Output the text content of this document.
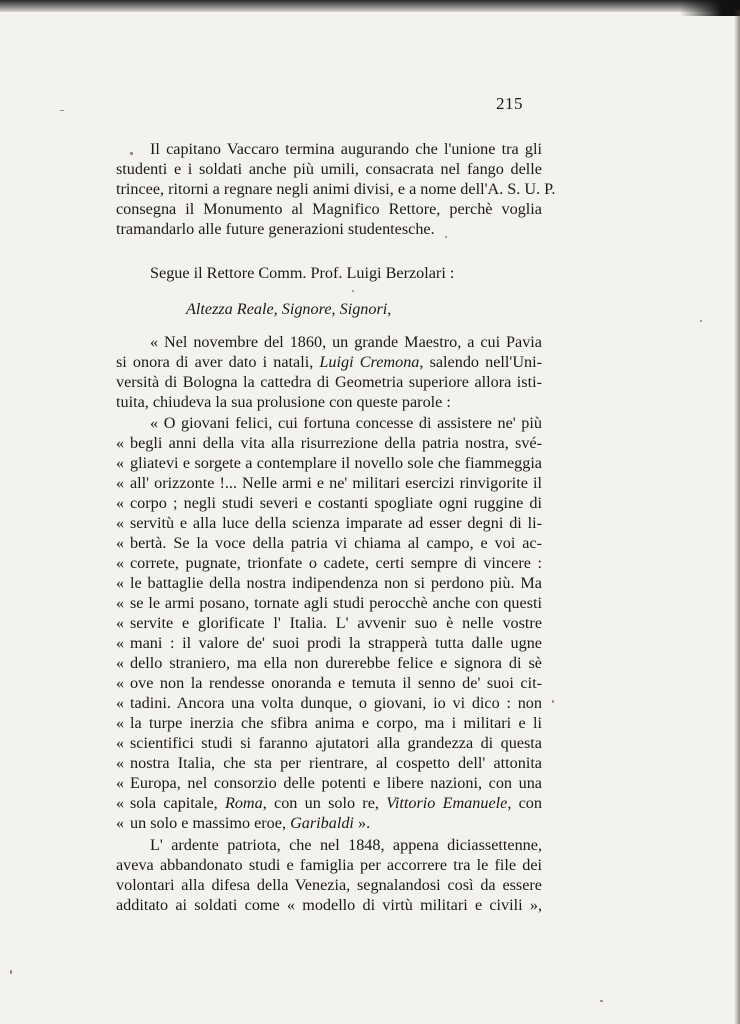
215
Il capitano Vaccaro termina augurando che l'unione tra gli
studenti e i soldati anche più umili, consacrata nel fango delle
trincee, ritorni a regnare negli animi divisi, e a nome dell'A. S. U. P.
consegna il Monumento al Magnifico Rettore, perchè voglia
tramandarlo alle future generazioni studentesche.
Segue il Rettore Comm. Prof. Luigi Berzolari :
Altezza Reale, Signore, Signori,
« Nel novembre del 1860, un grande Maestro, a cui Pavia
si onora di aver dato i natali, Luigi Cremona, salendo nell'Uni-
versità di Bologna la cattedra di Geometria superiore allora isti-
tuita, chiudeva la sua prolusione con queste parole :
« O giovani felici, cui fortuna concesse di assistere ne' più
« begli anni della vita alla risurrezione della patria nostra, své-
« gliatevi e sorgete a contemplare il novello sole che fiammeggia
« all' orizzonte !... Nelle armi e ne' militari esercizi rinvigorite il
« corpo ; negli studi severi e costanti spogliate ogni ruggine di
« servitù e alla luce della scienza imparate ad esser degni di li-
« bertà. Se la voce della patria vi chiama al campo, e voi ac-
« correte, pugnate, trionfate o cadete, certi sempre di vincere :
« le battaglie della nostra indipendenza non si perdono più. Ma
« se le armi posano, tornate agli studi perocchè anche con questi
« servite e glorificate l' Italia. L' avvenir suo è nelle vostre
« mani : il valore de' suoi prodi la strapperà tutta dalle ugne
« dello straniero, ma ella non durerebbe felice e signora di sè
« ove non la rendesse onoranda e temuta il senno de' suoi cit-
« tadini. Ancora una volta dunque, o giovani, io vi dico : non
« la turpe inerzia che sfibra anima e corpo, ma i militari e li
« scientifici studi si faranno ajutatori alla grandezza di questa
« nostra Italia, che sta per rientrare, al cospetto dell' attonita
« Europa, nel consorzio delle potenti e libere nazioni, con una
« sola capitale, Roma, con un solo re, Vittorio Emanuele, con
« un solo e massimo eroe, Garibaldi ».
L' ardente patriota, che nel 1848, appena diciassettenne,
aveva abbandonato studi e famiglia per accorrere tra le file dei
volontari alla difesa della Venezia, segnalandosi così da essere
additato ai soldati come « modello di virtù militari e civili »,
